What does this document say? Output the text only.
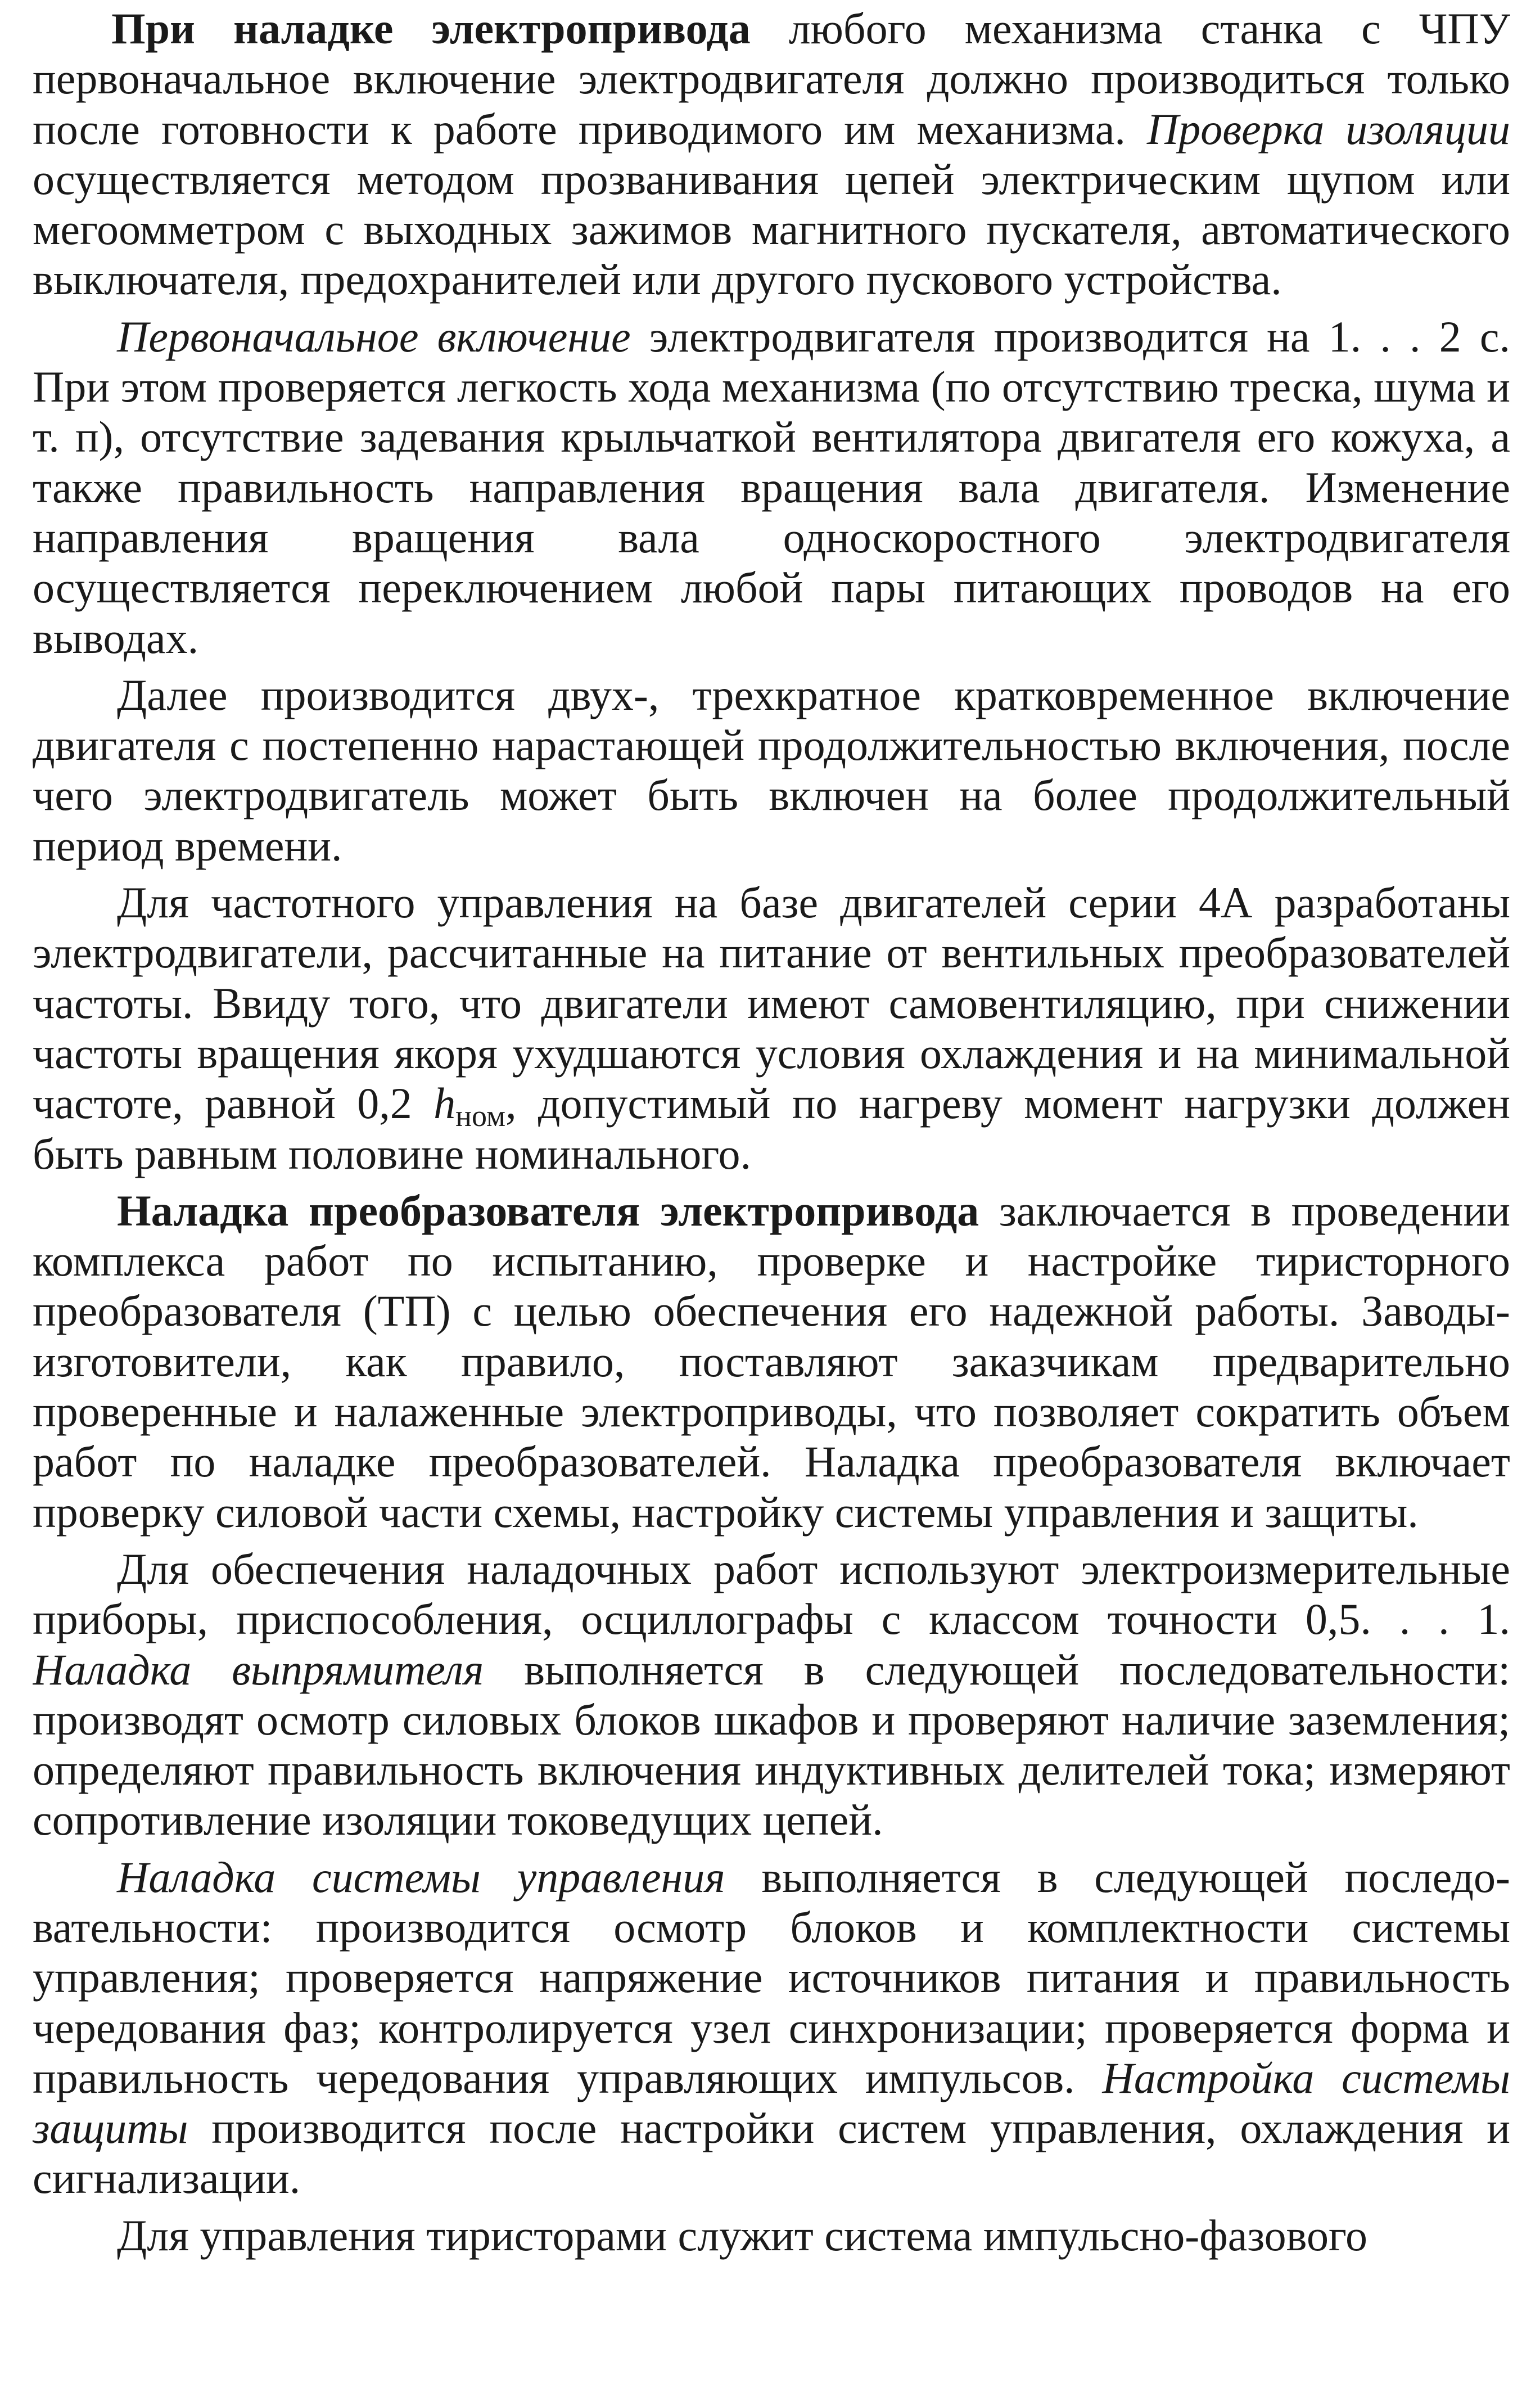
При наладке электропривода любого механизма станка с ЧПУ первоначальное включение электродвигателя должно производиться только после готовности к работе приводимого им механизма. Проверка изоляции осуществляется методом прозванивания цепей электрическим щупом или мегоомметром с выходных зажимов магнитного пускателя, автоматического выключателя, предохранителей или другого пускового устройства.

Первоначальное включение электродвигателя производится на 1. . . 2 с. При этом проверяется легкость хода механизма (по отсутствию треска, шума и т. п), отсутствие задевания крыльчаткой вентилятора двигателя его кожуха, а также правильность направления вращения вала двигателя. Изменение направления вращения вала односкоростного электродвигателя осуществляется переключением любой пары питающих проводов на его выводах.

Далее производится двух-, трехкратное кратковременное включение двигателя с постепенно нарастающей продолжительностью включения, после чего электродвигатель может быть включен на более продолжительный период времени.

Для частотного управления на базе двигателей серии 4А разработаны электродвигатели, рассчитанные на питание от вентильных преобразователей частоты. Ввиду того, что двигатели имеют самовентиляцию, при снижении частоты вращения якоря ухудшаются условия охлаждения и на минимальной частоте, равной 0,2 $h_{ном}$, допустимый по нагреву момент нагрузки должен быть равным половине номинального.

Наладка преобразователя электропривода заключается в проведении комплекса работ по испытанию, проверке и настройке тиристорного преобразователя (ТП) с целью обеспечения его надежной работы. Заводы-изготовители, как правило, поставляют заказчикам предварительно проверенные и налаженные электроприводы, что позволяет сократить объем работ по наладке преобразователей. Наладка преобразователя включает проверку силовой части схемы, настройку системы управления и защиты.

Для обеспечения наладочных работ используют электроизмерительные приборы, приспособления, осциллографы с классом точности 0,5. . . 1. Наладка выпрямителя выполняется в следующей последовательности: производят осмотр силовых блоков шкафов и проверяют наличие заземления; определяют правильность включения индуктивных делителей тока; измеряют сопротивление изоляции токоведущих цепей.

Наладка системы управления выполняется в следующей последовательности: производится осмотр блоков и комплектности системы управления; проверяется напряжение источников питания и правильность чередования фаз; контролируется узел синхронизации; проверяется форма и правильность чередования управляющих импульсов. Настройка системы защиты производится после настройки систем управления, охлаждения и сигнализации.

Для управления тиристорами служит система импульсно-фазового
